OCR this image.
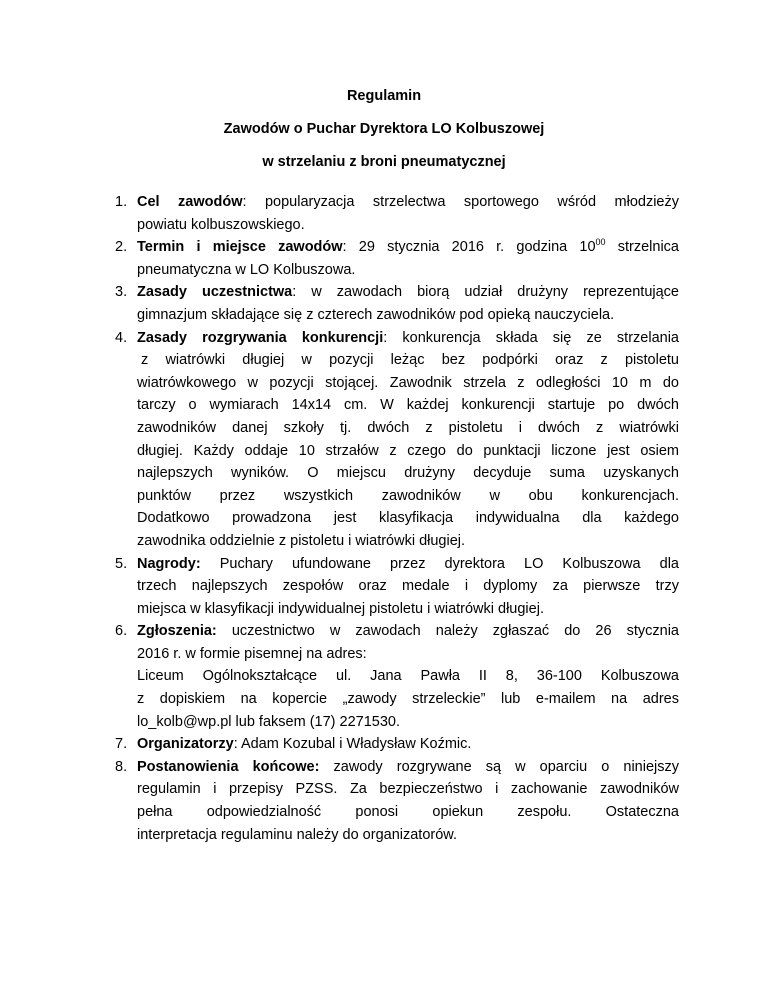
Regulamin
Zawodów o Puchar Dyrektora LO Kolbuszowej
w strzelaniu z broni pneumatycznej
1. Cel zawodów: popularyzacja strzelectwa sportowego wśród młodzieży
powiatu kolbuszowskiego.
2. Termin i miejsce zawodów: 29 stycznia 2016 r. godzina $10^{00}$ strzelnica
pneumatyczna w LO Kolbuszowa.
3. Zasady uczestnictwa: w zawodach biorą udział drużyny reprezentujące
gimnazjum składające się z czterech zawodników pod opieką nauczyciela.
4. Zasady rozgrywania konkurencji: konkurencja składa się ze strzelania
z wiatrówki długiej w pozycji leżąc bez podpórki oraz z pistoletu
wiatrówkowego w pozycji stojącej. Zawodnik strzela z odległości 10 m do
tarczy o wymiarach 14x14 cm. W każdej konkurencji startuje po dwóch
zawodników danej szkoły tj. dwóch z pistoletu i dwóch z wiatrówki
długiej. Każdy oddaje 10 strzałów z czego do punktacji liczone jest osiem
najlepszych wyników. O miejscu drużyny decyduje suma uzyskanych
punktów przez wszystkich zawodników w obu konkurencjach.
Dodatkowo prowadzona jest klasyfikacja indywidualna dla każdego
zawodnika oddzielnie z pistoletu i wiatrówki długiej.
5. Nagrody: Puchary ufundowane przez dyrektora LO Kolbuszowa dla
trzech najlepszych zespołów oraz medale i dyplomy za pierwsze trzy
miejsca w klasyfikacji indywidualnej pistoletu i wiatrówki długiej.
6. Zgłoszenia: uczestnictwo w zawodach należy zgłaszać do 26 stycznia
2016 r. w formie pisemnej na adres:
Liceum Ogólnokształcące ul. Jana Pawła II 8, 36-100 Kolbuszowa
z dopiskiem na kopercie „zawody strzeleckie” lub e-mailem na adres
lo_kolb@wp.pl lub faksem (17) 2271530.
7. Organizatorzy: Adam Kozubal i Władysław Koźmic.
8. Postanowienia końcowe: zawody rozgrywane są w oparciu o niniejszy
regulamin i przepisy PZSS. Za bezpieczeństwo i zachowanie zawodników
pełna odpowiedzialność ponosi opiekun zespołu. Ostateczna
interpretacja regulaminu należy do organizatorów.
